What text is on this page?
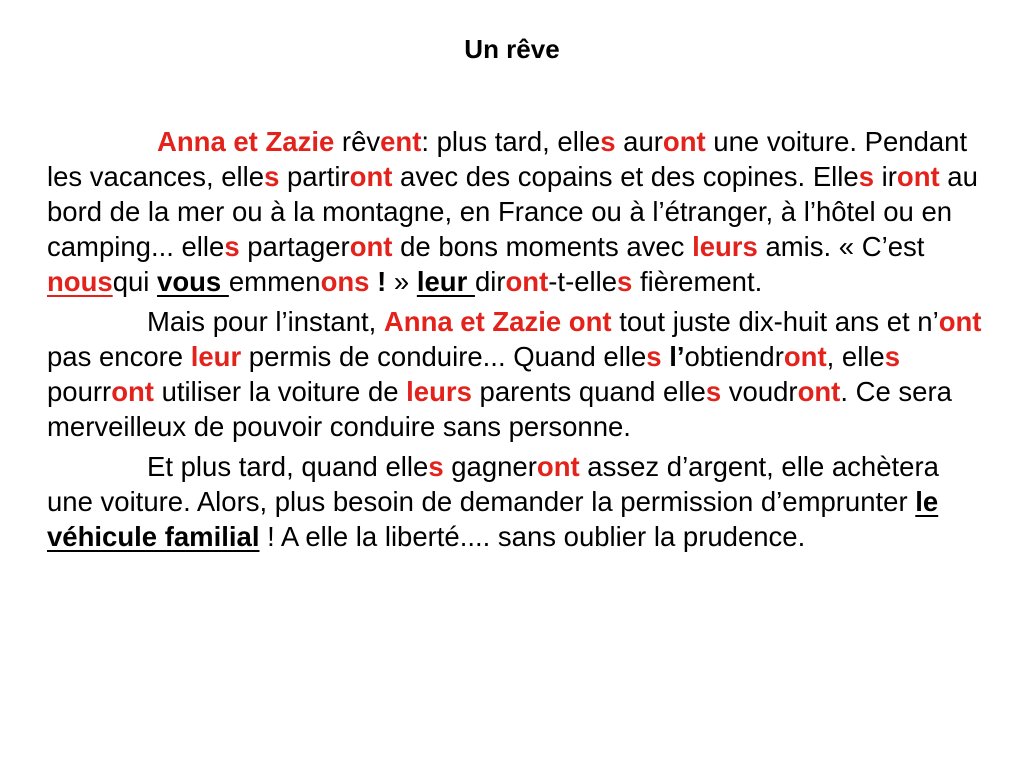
Un rêve

Anna et Zazie rêvent: plus tard, elles auront une voiture. Pendant les vacances, elles partiront avec des copains et des copines. Elles iront au bord de la mer ou à la montagne, en France ou à l’étranger, à l’hôtel ou en camping... elles partageront de bons moments avec leurs amis. « C’est nousqui vous emmenons ! » leur diront-t-elles fièrement.

Mais pour l’instant, Anna et Zazie ont tout juste dix-huit ans et n’ont pas encore leur permis de conduire... Quand elles l’obtiendront, elles pourront utiliser la voiture de leurs parents quand elles voudront. Ce sera merveilleux de pouvoir conduire sans personne.

Et plus tard, quand elles gagneront assez d’argent, elle achètera une voiture. Alors, plus besoin de demander la permission d’emprunter le véhicule familial ! A elle la liberté.... sans oublier la prudence.
